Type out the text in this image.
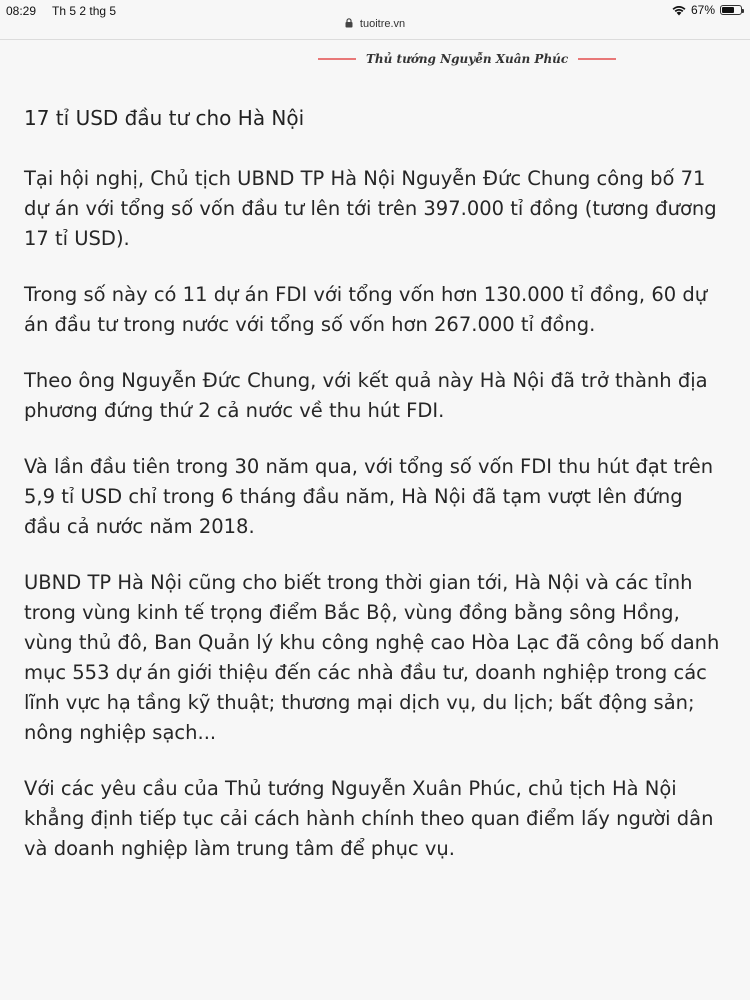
08:29 Th 5 2 thg 5	67%
tuoitre.vn
Thủ tướng Nguyễn Xuân Phúc
17 tỉ USD đầu tư cho Hà Nội

Tại hội nghị, Chủ tịch UBND TP Hà Nội Nguyễn Đức Chung công bố 71 dự án với tổng số vốn đầu tư lên tới trên 397.000 tỉ đồng (tương đương 17 tỉ USD).

Trong số này có 11 dự án FDI với tổng vốn hơn 130.000 tỉ đồng, 60 dự án đầu tư trong nước với tổng số vốn hơn 267.000 tỉ đồng.

Theo ông Nguyễn Đức Chung, với kết quả này Hà Nội đã trở thành địa phương đứng thứ 2 cả nước về thu hút FDI.

Và lần đầu tiên trong 30 năm qua, với tổng số vốn FDI thu hút đạt trên 5,9 tỉ USD chỉ trong 6 tháng đầu năm, Hà Nội đã tạm vượt lên đứng đầu cả nước năm 2018.

UBND TP Hà Nội cũng cho biết trong thời gian tới, Hà Nội và các tỉnh trong vùng kinh tế trọng điểm Bắc Bộ, vùng đồng bằng sông Hồng, vùng thủ đô, Ban Quản lý khu công nghệ cao Hòa Lạc đã công bố danh mục 553 dự án giới thiệu đến các nhà đầu tư, doanh nghiệp trong các lĩnh vực hạ tầng kỹ thuật; thương mại dịch vụ, du lịch; bất động sản; nông nghiệp sạch...

Với các yêu cầu của Thủ tướng Nguyễn Xuân Phúc, chủ tịch Hà Nội khẳng định tiếp tục cải cách hành chính theo quan điểm lấy người dân và doanh nghiệp làm trung tâm để phục vụ.
